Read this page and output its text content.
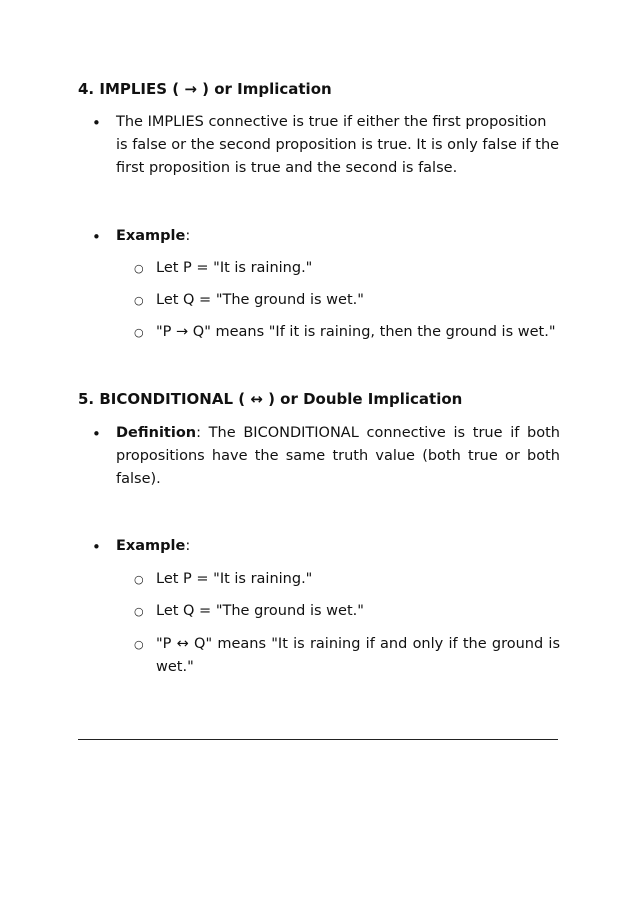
4. IMPLIES ( → ) or Implication
• The IMPLIES connective is true if either the first proposition is false or the second proposition is true. It is only false if the first proposition is true and the second is false.
• Example:
○ Let P = "It is raining."
○ Let Q = "The ground is wet."
○ "P → Q" means "If it is raining, then the ground is wet."
5. BICONDITIONAL ( ↔ ) or Double Implication
• Definition: The BICONDITIONAL connective is true if both propositions have the same truth value (both true or both false).
• Example:
○ Let P = "It is raining."
○ Let Q = "The ground is wet."
○ "P ↔ Q" means "It is raining if and only if the ground is wet."
